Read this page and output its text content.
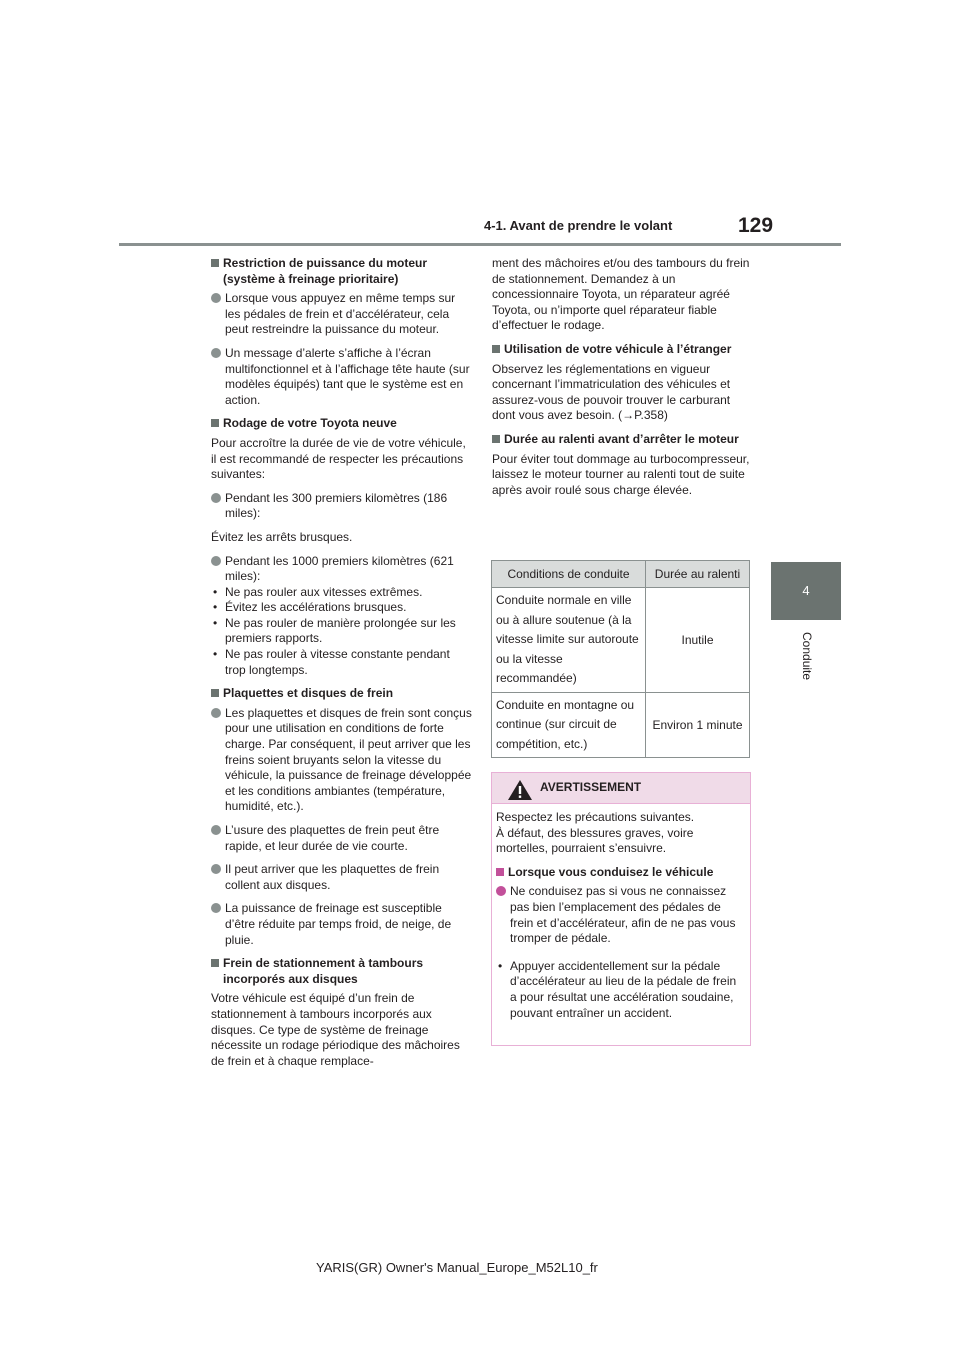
4-1. Avant de prendre le volant	129
4
Conduite
Restriction de puissance du moteur (système à freinage prioritaire)
Lorsque vous appuyez en même temps sur les pédales de frein et d’accélérateur, cela peut restreindre la puissance du moteur.
Un message d’alerte s’affiche à l’écran multifonctionnel et à l’affichage tête haute (sur modèles équipés) tant que le système est en action.
Rodage de votre Toyota neuve
Pour accroître la durée de vie de votre véhicule, il est recommandé de respecter les précautions suivantes:
Pendant les 300 premiers kilomètres (186 miles):
Évitez les arrêts brusques.
Pendant les 1000 premiers kilomètres (621 miles):
• Ne pas rouler aux vitesses extrêmes.
• Évitez les accélérations brusques.
• Ne pas rouler de manière prolongée sur les premiers rapports.
• Ne pas rouler à vitesse constante pendant trop longtemps.
Plaquettes et disques de frein
Les plaquettes et disques de frein sont conçus pour une utilisation en conditions de forte charge. Par conséquent, il peut arriver que les freins soient bruyants selon la vitesse du véhicule, la puissance de freinage développée et les conditions ambiantes (température, humidité, etc.).
L’usure des plaquettes de frein peut être rapide, et leur durée de vie courte.
Il peut arriver que les plaquettes de frein collent aux disques.
La puissance de freinage est susceptible d’être réduite par temps froid, de neige, de pluie.
Frein de stationnement à tambours incorporés aux disques
Votre véhicule est équipé d’un frein de stationnement à tambours incorporés aux disques. Ce type de système de freinage nécessite un rodage périodique des mâchoires de frein et à chaque remplace-
ment des mâchoires et/ou des tambours du frein de stationnement. Demandez à un concessionnaire Toyota, un réparateur agréé Toyota, ou n’importe quel réparateur fiable d’effectuer le rodage.
Utilisation de votre véhicule à l’étranger
Observez les réglementations en vigueur concernant l’immatriculation des véhicules et assurez-vous de pouvoir trouver le carburant dont vous avez besoin. (→P.358)
Durée au ralenti avant d’arrêter le moteur
Pour éviter tout dommage au turbocompresseur, laissez le moteur tourner au ralenti tout de suite après avoir roulé sous charge élevée.
Conditions de conduite	Durée au ralenti
Conduite normale en ville ou à allure soutenue (à la vitesse limite sur autoroute ou la vitesse recommandée)	Inutile
Conduite en montagne ou continue (sur circuit de compétition, etc.)	Environ 1 minute
AVERTISSEMENT
Respectez les précautions suivantes.
À défaut, des blessures graves, voire mortelles, pourraient s’ensuivre.
Lorsque vous conduisez le véhicule
Ne conduisez pas si vous ne connaissez pas bien l’emplacement des pédales de frein et d’accélérateur, afin de ne pas vous tromper de pédale.
• Appuyer accidentellement sur la pédale d’accélérateur au lieu de la pédale de frein a pour résultat une accélération soudaine, pouvant entraîner un accident.
YARIS(GR) Owner's Manual_Europe_M52L10_fr
